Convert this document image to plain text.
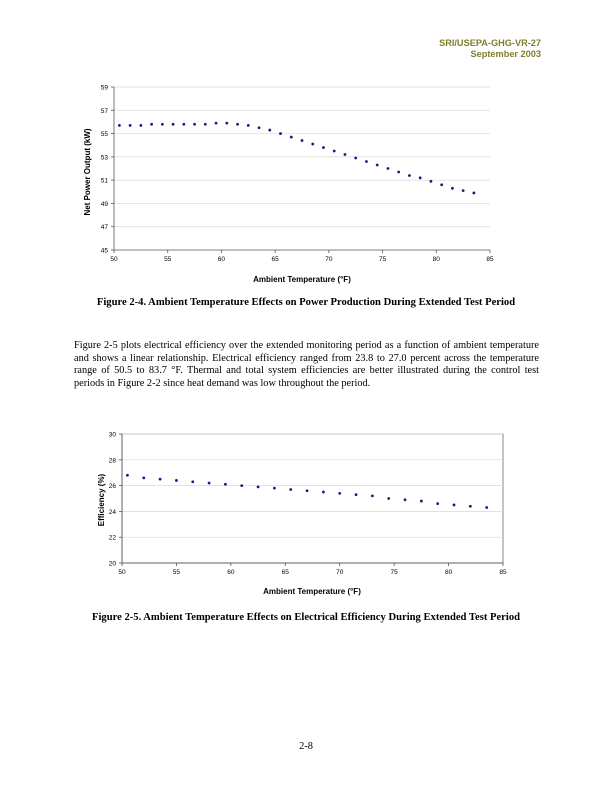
SRI/USEPA-GHG-VR-27
September 2003
45
47
49
51
53
55
57
59
50	55	60	65	70	75	80	85
Ambient Temperature (°F)
Net Power Output (kW)
Figure 2-4. Ambient Temperature Effects on Power Production During Extended Test Period
Figure 2-5 plots electrical efficiency over the extended monitoring period as a function of ambient temperature and shows a linear relationship. Electrical efficiency ranged from 23.8 to 27.0 percent across the temperature range of 50.5 to 83.7 °F. Thermal and total system efficiencies are better illustrated during the control test periods in Figure 2-2 since heat demand was low throughout the period.
20
22
24
26
28
30
50	55	60	65	70	75	80	85
Ambient Temperature (°F)
Efficiency (%)
Figure 2-5. Ambient Temperature Effects on Electrical Efficiency During Extended Test Period
2-8
